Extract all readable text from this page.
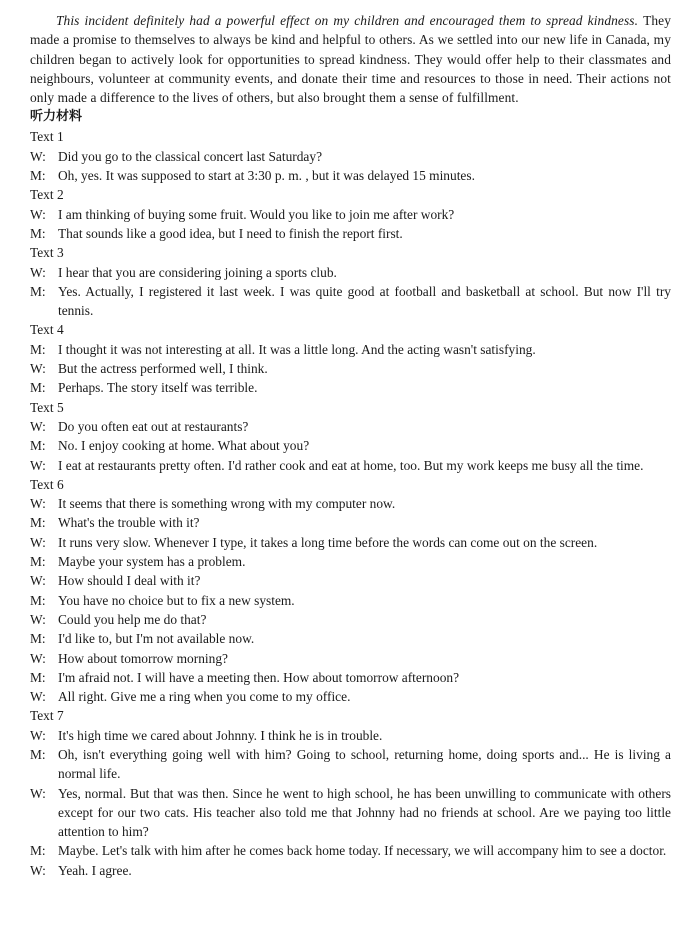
This incident definitely had a powerful effect on my children and encouraged them to spread kindness. They made a promise to themselves to always be kind and helpful to others. As we settled into our new life in Canada, my children began to actively look for opportunities to spread kindness. They would offer help to their classmates and neighbours, volunteer at community events, and donate their time and resources to those in need. Their actions not only made a difference to the lives of others, but also brought them a sense of fulfillment.

听力材料

Text 1

W: Did you go to the classical concert last Saturday?

M: Oh, yes. It was supposed to start at 3:30 p. m. , but it was delayed 15 minutes.

Text 2

W: I am thinking of buying some fruit. Would you like to join me after work?

M: That sounds like a good idea, but I need to finish the report first.

Text 3

W: I hear that you are considering joining a sports club.

M: Yes. Actually, I registered it last week. I was quite good at football and basketball at school. But now I'll try tennis.

Text 4

M: I thought it was not interesting at all. It was a little long. And the acting wasn't satisfying.

W: But the actress performed well, I think.

M: Perhaps. The story itself was terrible.

Text 5

W: Do you often eat out at restaurants?

M: No. I enjoy cooking at home. What about you?

W: I eat at restaurants pretty often. I'd rather cook and eat at home, too. But my work keeps me busy all the time.

Text 6

W: It seems that there is something wrong with my computer now.

M: What's the trouble with it?

W: It runs very slow. Whenever I type, it takes a long time before the words can come out on the screen.

M: Maybe your system has a problem.

W: How should I deal with it?

M: You have no choice but to fix a new system.

W: Could you help me do that?

M: I'd like to, but I'm not available now.

W: How about tomorrow morning?

M: I'm afraid not. I will have a meeting then. How about tomorrow afternoon?

W: All right. Give me a ring when you come to my office.

Text 7

W: It's high time we cared about Johnny. I think he is in trouble.

M: Oh, isn't everything going well with him? Going to school, returning home, doing sports and... He is living a normal life.

W: Yes, normal. But that was then. Since he went to high school, he has been unwilling to communicate with others except for our two cats. His teacher also told me that Johnny had no friends at school. Are we paying too little attention to him?

M: Maybe. Let's talk with him after he comes back home today. If necessary, we will accompany him to see a doctor.

W: Yeah. I agree.
